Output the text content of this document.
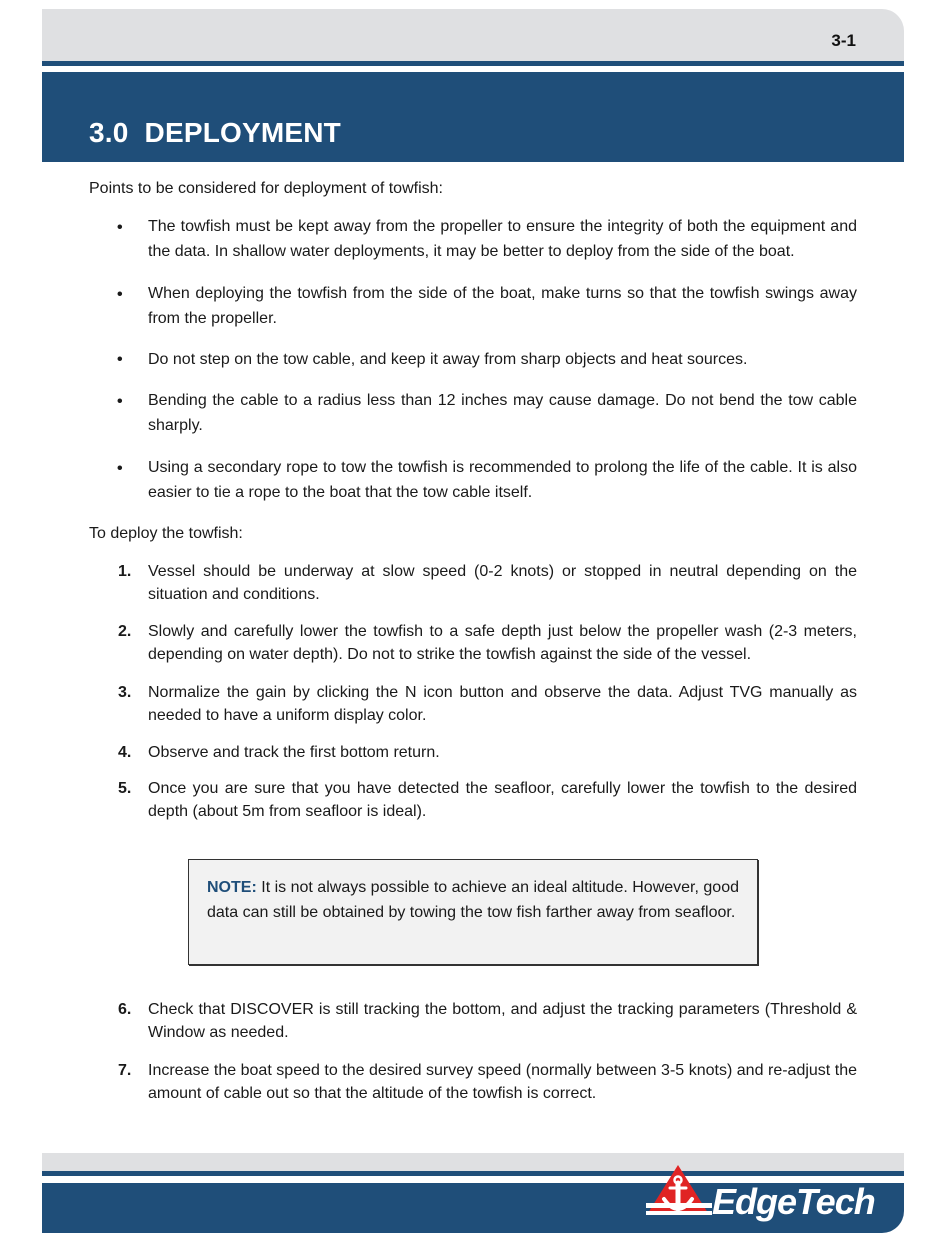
3-1
3.0 DEPLOYMENT

Points to be considered for deployment of towfish:

• The towfish must be kept away from the propeller to ensure the integrity of both the equipment and the data. In shallow water deployments, it may be better to deploy from the side of the boat.

• When deploying the towfish from the side of the boat, make turns so that the towfish swings away from the propeller.

• Do not step on the tow cable, and keep it away from sharp objects and heat sources.

• Bending the cable to a radius less than 12 inches may cause damage. Do not bend the tow cable sharply.

• Using a secondary rope to tow the towfish is recommended to prolong the life of the cable. It is also easier to tie a rope to the boat that the tow cable itself.

To deploy the towfish:

1. Vessel should be underway at slow speed (0-2 knots) or stopped in neutral depending on the situation and conditions.

2. Slowly and carefully lower the towfish to a safe depth just below the propeller wash (2-3 meters, depending on water depth). Do not to strike the towfish against the side of the vessel.

3. Normalize the gain by clicking the N icon button and observe the data. Adjust TVG manually as needed to have a uniform display color.

4. Observe and track the first bottom return.

5. Once you are sure that you have detected the seafloor, carefully lower the towfish to the desired depth (about 5m from seafloor is ideal).

NOTE: It is not always possible to achieve an ideal altitude. However, good data can still be obtained by towing the tow fish farther away from seafloor.
6. Check that DISCOVER is still tracking the bottom, and adjust the tracking parameters (Threshold & Window as needed.

7. Increase the boat speed to the desired survey speed (normally between 3-5 knots) and re-adjust the amount of cable out so that the altitude of the towfish is correct.

EdgeTech
